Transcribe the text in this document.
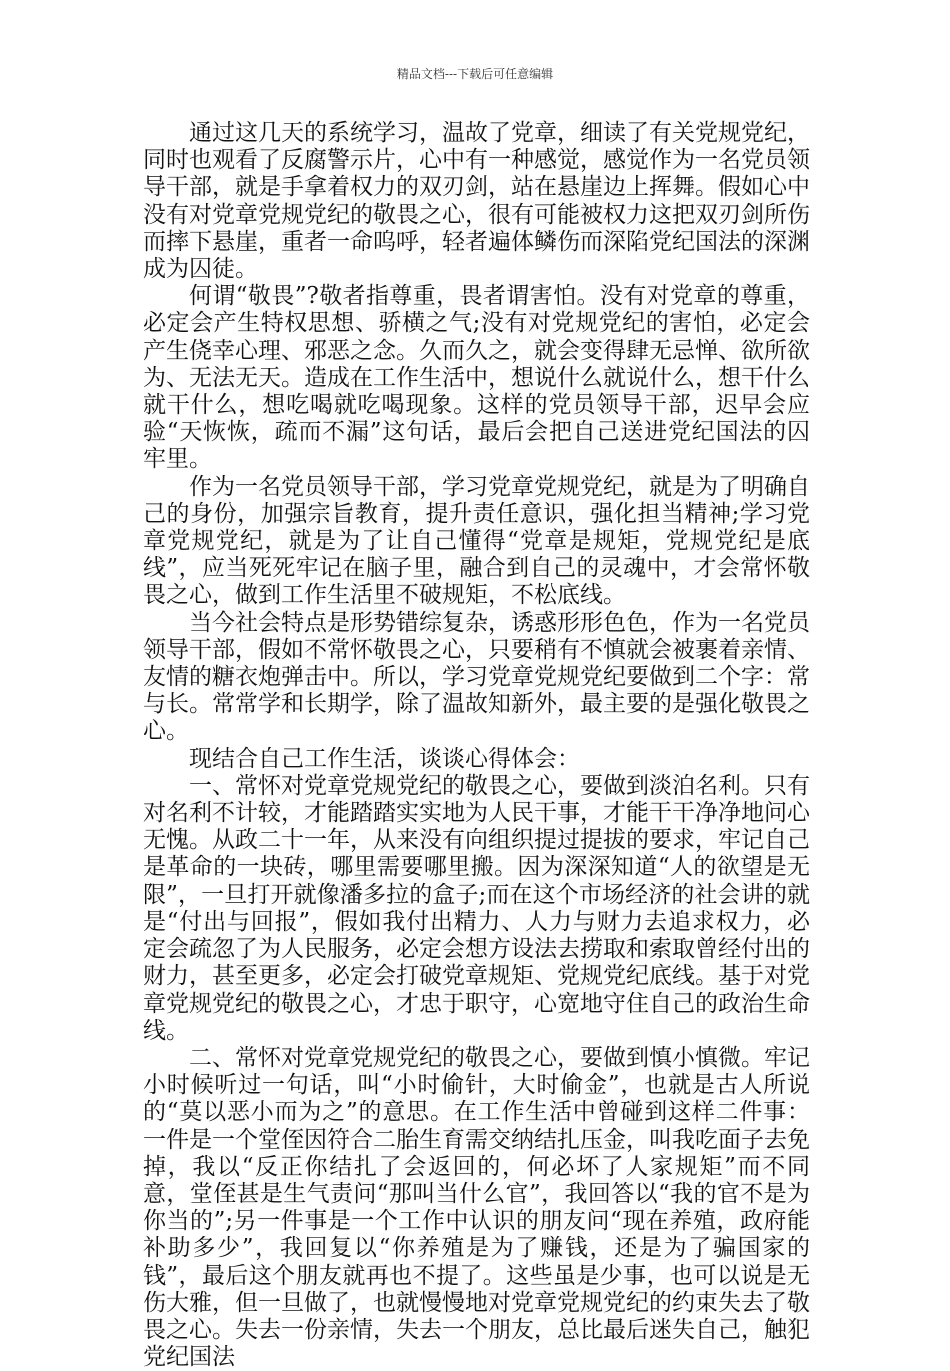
精品文档---下载后可任意编辑

通过这几天的系统学习，温故了党章，细读了有关党规党纪，同时也观看了反腐警示片，心中有一种感觉，感觉作为一名党员领导干部，就是手拿着权力的双刃剑，站在悬崖边上挥舞。假如心中没有对党章党规党纪的敬畏之心，很有可能被权力这把双刃剑所伤而摔下悬崖，重者一命呜呼，轻者遍体鳞伤而深陷党纪国法的深渊成为囚徒。

何谓“敬畏”?敬者指尊重，畏者谓害怕。没有对党章的尊重，必定会产生特权思想、骄横之气;没有对党规党纪的害怕，必定会产生侥幸心理、邪恶之念。久而久之，就会变得肆无忌惮、欲所欲为、无法无天。造成在工作生活中，想说什么就说什么，想干什么就干什么，想吃喝就吃喝现象。这样的党员领导干部，迟早会应验“天恢恢，疏而不漏”这句话，最后会把自己送进党纪国法的囚牢里。

作为一名党员领导干部，学习党章党规党纪，就是为了明确自己的身份，加强宗旨教育，提升责任意识，强化担当精神;学习党章党规党纪，就是为了让自己懂得“党章是规矩，党规党纪是底线”，应当死死牢记在脑子里，融合到自己的灵魂中，才会常怀敬畏之心，做到工作生活里不破规矩，不松底线。

当今社会特点是形势错综复杂，诱惑形形色色，作为一名党员领导干部，假如不常怀敬畏之心，只要稍有不慎就会被裹着亲情、友情的糖衣炮弹击中。所以，学习党章党规党纪要做到二个字：常与长。常常学和长期学，除了温故知新外，最主要的是强化敬畏之心。

现结合自己工作生活，谈谈心得体会：

一、常怀对党章党规党纪的敬畏之心，要做到淡泊名利。只有对名利不计较，才能踏踏实实地为人民干事，才能干干净净地问心无愧。从政二十一年，从来没有向组织提过提拔的要求，牢记自己是革命的一块砖，哪里需要哪里搬。因为深深知道“人的欲望是无限”，一旦打开就像潘多拉的盒子;而在这个市场经济的社会讲的就是“付出与回报”，假如我付出精力、人力与财力去追求权力，必定会疏忽了为人民服务，必定会想方设法去捞取和索取曾经付出的财力，甚至更多，必定会打破党章规矩、党规党纪底线。基于对党章党规党纪的敬畏之心，才忠于职守，心宽地守住自己的政治生命线。

二、常怀对党章党规党纪的敬畏之心，要做到慎小慎微。牢记小时候听过一句话，叫“小时偷针，大时偷金”，也就是古人所说的“莫以恶小而为之”的意思。在工作生活中曾碰到这样二件事：一件是一个堂侄因符合二胎生育需交纳结扎压金，叫我吃面子去免掉，我以“反正你结扎了会返回的，何必坏了人家规矩”而不同意，堂侄甚是生气责问“那叫当什么官”，我回答以“我的官不是为你当的”;另一件事是一个工作中认识的朋友问“现在养殖，政府能补助多少”，我回复以“你养殖是为了赚钱，还是为了骗国家的钱”，最后这个朋友就再也不提了。这些虽是少事，也可以说是无伤大雅，但一旦做了，也就慢慢地对党章党规党纪的约束失去了敬畏之心。失去一份亲情，失去一个朋友，总比最后迷失自己，触犯党纪国法
